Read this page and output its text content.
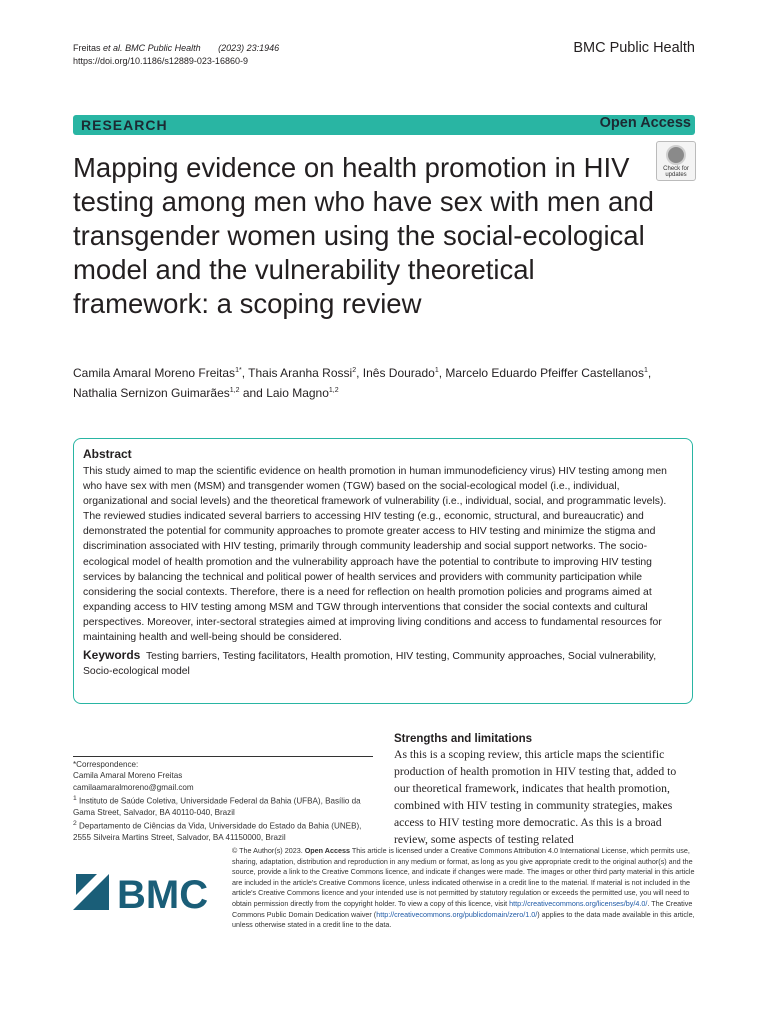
Freitas et al. BMC Public Health (2023) 23:1946
https://doi.org/10.1186/s12889-023-16860-9
BMC Public Health
RESEARCH	Open Access
Check for
updates
Mapping evidence on health promotion in HIV testing among men who have sex with men and transgender women using the social-ecological model and the vulnerability theoretical framework: a scoping review
Camila Amaral Moreno Freitas$^{1*}$, Thais Aranha Rossi$^2$, Inês Dourado$^1$, Marcelo Eduardo Pfeiffer Castellanos$^1$, Nathalia Sernizon Guimarães$^{1,2}$ and Laio Magno$^{1,2}$
Abstract

This study aimed to map the scientific evidence on health promotion in human immunodeficiency virus) HIV testing among men who have sex with men (MSM) and transgender women (TGW) based on the social-ecological model (i.e., individual, organizational and social levels) and the theoretical framework of vulnerability (i.e., individual, social, and programmatic levels). The reviewed studies indicated several barriers to accessing HIV testing (e.g., economic, structural, and bureaucratic) and demonstrated the potential for community approaches to promote greater access to HIV testing and minimize the stigma and discrimination associated with HIV testing, primarily through community leadership and social support networks. The socio-ecological model of health promotion and the vulnerability approach have the potential to contribute to improving HIV testing services by balancing the technical and political power of health services and providers with community participation while considering the social contexts. Therefore, there is a need for reflection on health promotion policies and programs aimed at expanding access to HIV testing among MSM and TGW through interventions that consider the social contexts and cultural perspectives. Moreover, inter-sectoral strategies aimed at improving living conditions and access to fundamental resources for maintaining health and well-being should be considered.

Keywords Testing barriers, Testing facilitators, Health promotion, HIV testing, Community approaches, Social vulnerability, Socio-ecological model
*Correspondence:
Camila Amaral Moreno Freitas
camilaamaralmoreno@gmail.com
$^1$ Instituto de Saúde Coletiva, Universidade Federal da Bahia (UFBA), Basílio da Gama Street, Salvador, BA 40110-040, Brazil
$^2$ Departamento de Ciências da Vida, Universidade do Estado da Bahia (UNEB), 2555 Silveira Martins Street, Salvador, BA 41150000, Brazil
Strengths and limitations

As this is a scoping review, this article maps the scientific production of health promotion in HIV testing that, added to our theoretical framework, indicates that health promotion, combined with HIV testing in community strategies, makes access to HIV testing more democratic. As this is a broad review, some aspects of testing related

BMC
© The Author(s) 2023. Open Access This article is licensed under a Creative Commons Attribution 4.0 International License, which permits use, sharing, adaptation, distribution and reproduction in any medium or format, as long as you give appropriate credit to the original author(s) and the source, provide a link to the Creative Commons licence, and indicate if changes were made. The images or other third party material in this article are included in the article's Creative Commons licence, unless indicated otherwise in a credit line to the material. If material is not included in the article's Creative Commons licence and your intended use is not permitted by statutory regulation or exceeds the permitted use, you will need to obtain permission directly from the copyright holder. To view a copy of this licence, visit http://creativecommons.org/licenses/by/4.0/. The Creative Commons Public Domain Dedication waiver (http://creativecommons.org/publicdomain/zero/1.0/) applies to the data made available in this article, unless otherwise stated in a credit line to the data.
